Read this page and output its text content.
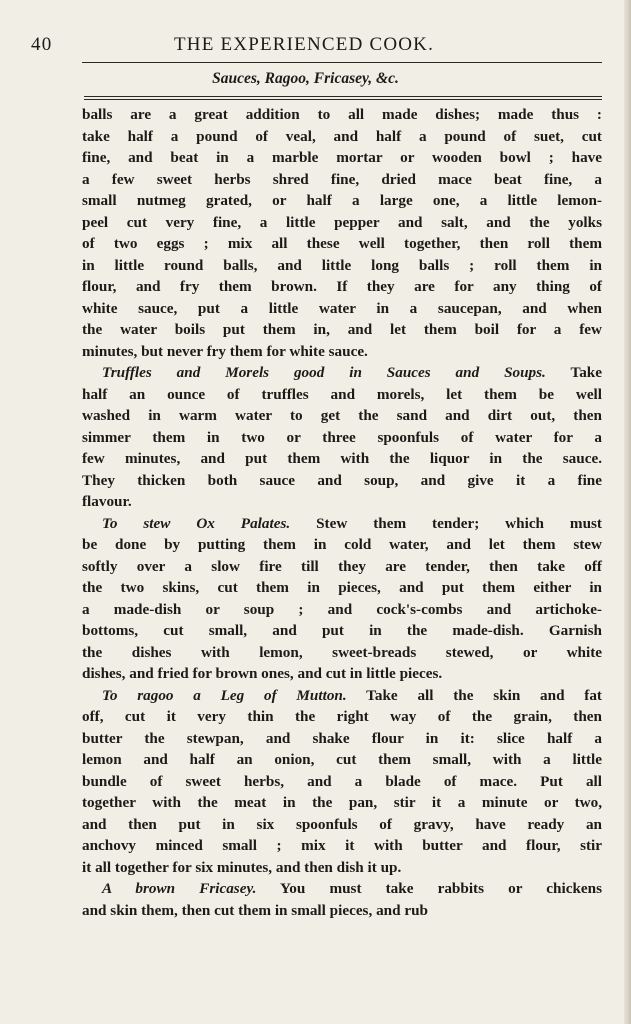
40	THE EXPERIENCED COOK.
Sauces, Ragoo, Fricasey, &c.
balls are a great addition to all made dishes; made thus :
take half a pound of veal, and half a pound of suet, cut
fine, and beat in a marble mortar or wooden bowl ; have
a few sweet herbs shred fine, dried mace beat fine, a
small nutmeg grated, or half a large one, a little lemon-
peel cut very fine, a little pepper and salt, and the yolks
of two eggs ; mix all these well together, then roll them
in little round balls, and little long balls ; roll them in
flour, and fry them brown. If they are for any thing of
white sauce, put a little water in a saucepan, and when
the water boils put them in, and let them boil for a few
minutes, but never fry them for white sauce.
Truffles and Morels good in Sauces and Soups. Take
half an ounce of truffles and morels, let them be well
washed in warm water to get the sand and dirt out, then
simmer them in two or three spoonfuls of water for a
few minutes, and put them with the liquor in the sauce.
They thicken both sauce and soup, and give it a fine
flavour.
To stew Ox Palates. Stew them tender; which must
be done by putting them in cold water, and let them stew
softly over a slow fire till they are tender, then take off
the two skins, cut them in pieces, and put them either in
a made-dish or soup ; and cock's-combs and artichoke-
bottoms, cut small, and put in the made-dish. Garnish
the dishes with lemon, sweet-breads stewed, or white
dishes, and fried for brown ones, and cut in little pieces.
To ragoo a Leg of Mutton. Take all the skin and fat
off, cut it very thin the right way of the grain, then
butter the stewpan, and shake flour in it: slice half a
lemon and half an onion, cut them small, with a little
bundle of sweet herbs, and a blade of mace. Put all
together with the meat in the pan, stir it a minute or two,
and then put in six spoonfuls of gravy, have ready an
anchovy minced small ; mix it with butter and flour, stir
it all together for six minutes, and then dish it up.
A brown Fricasey. You must take rabbits or chickens
and skin them, then cut them in small pieces, and rub
